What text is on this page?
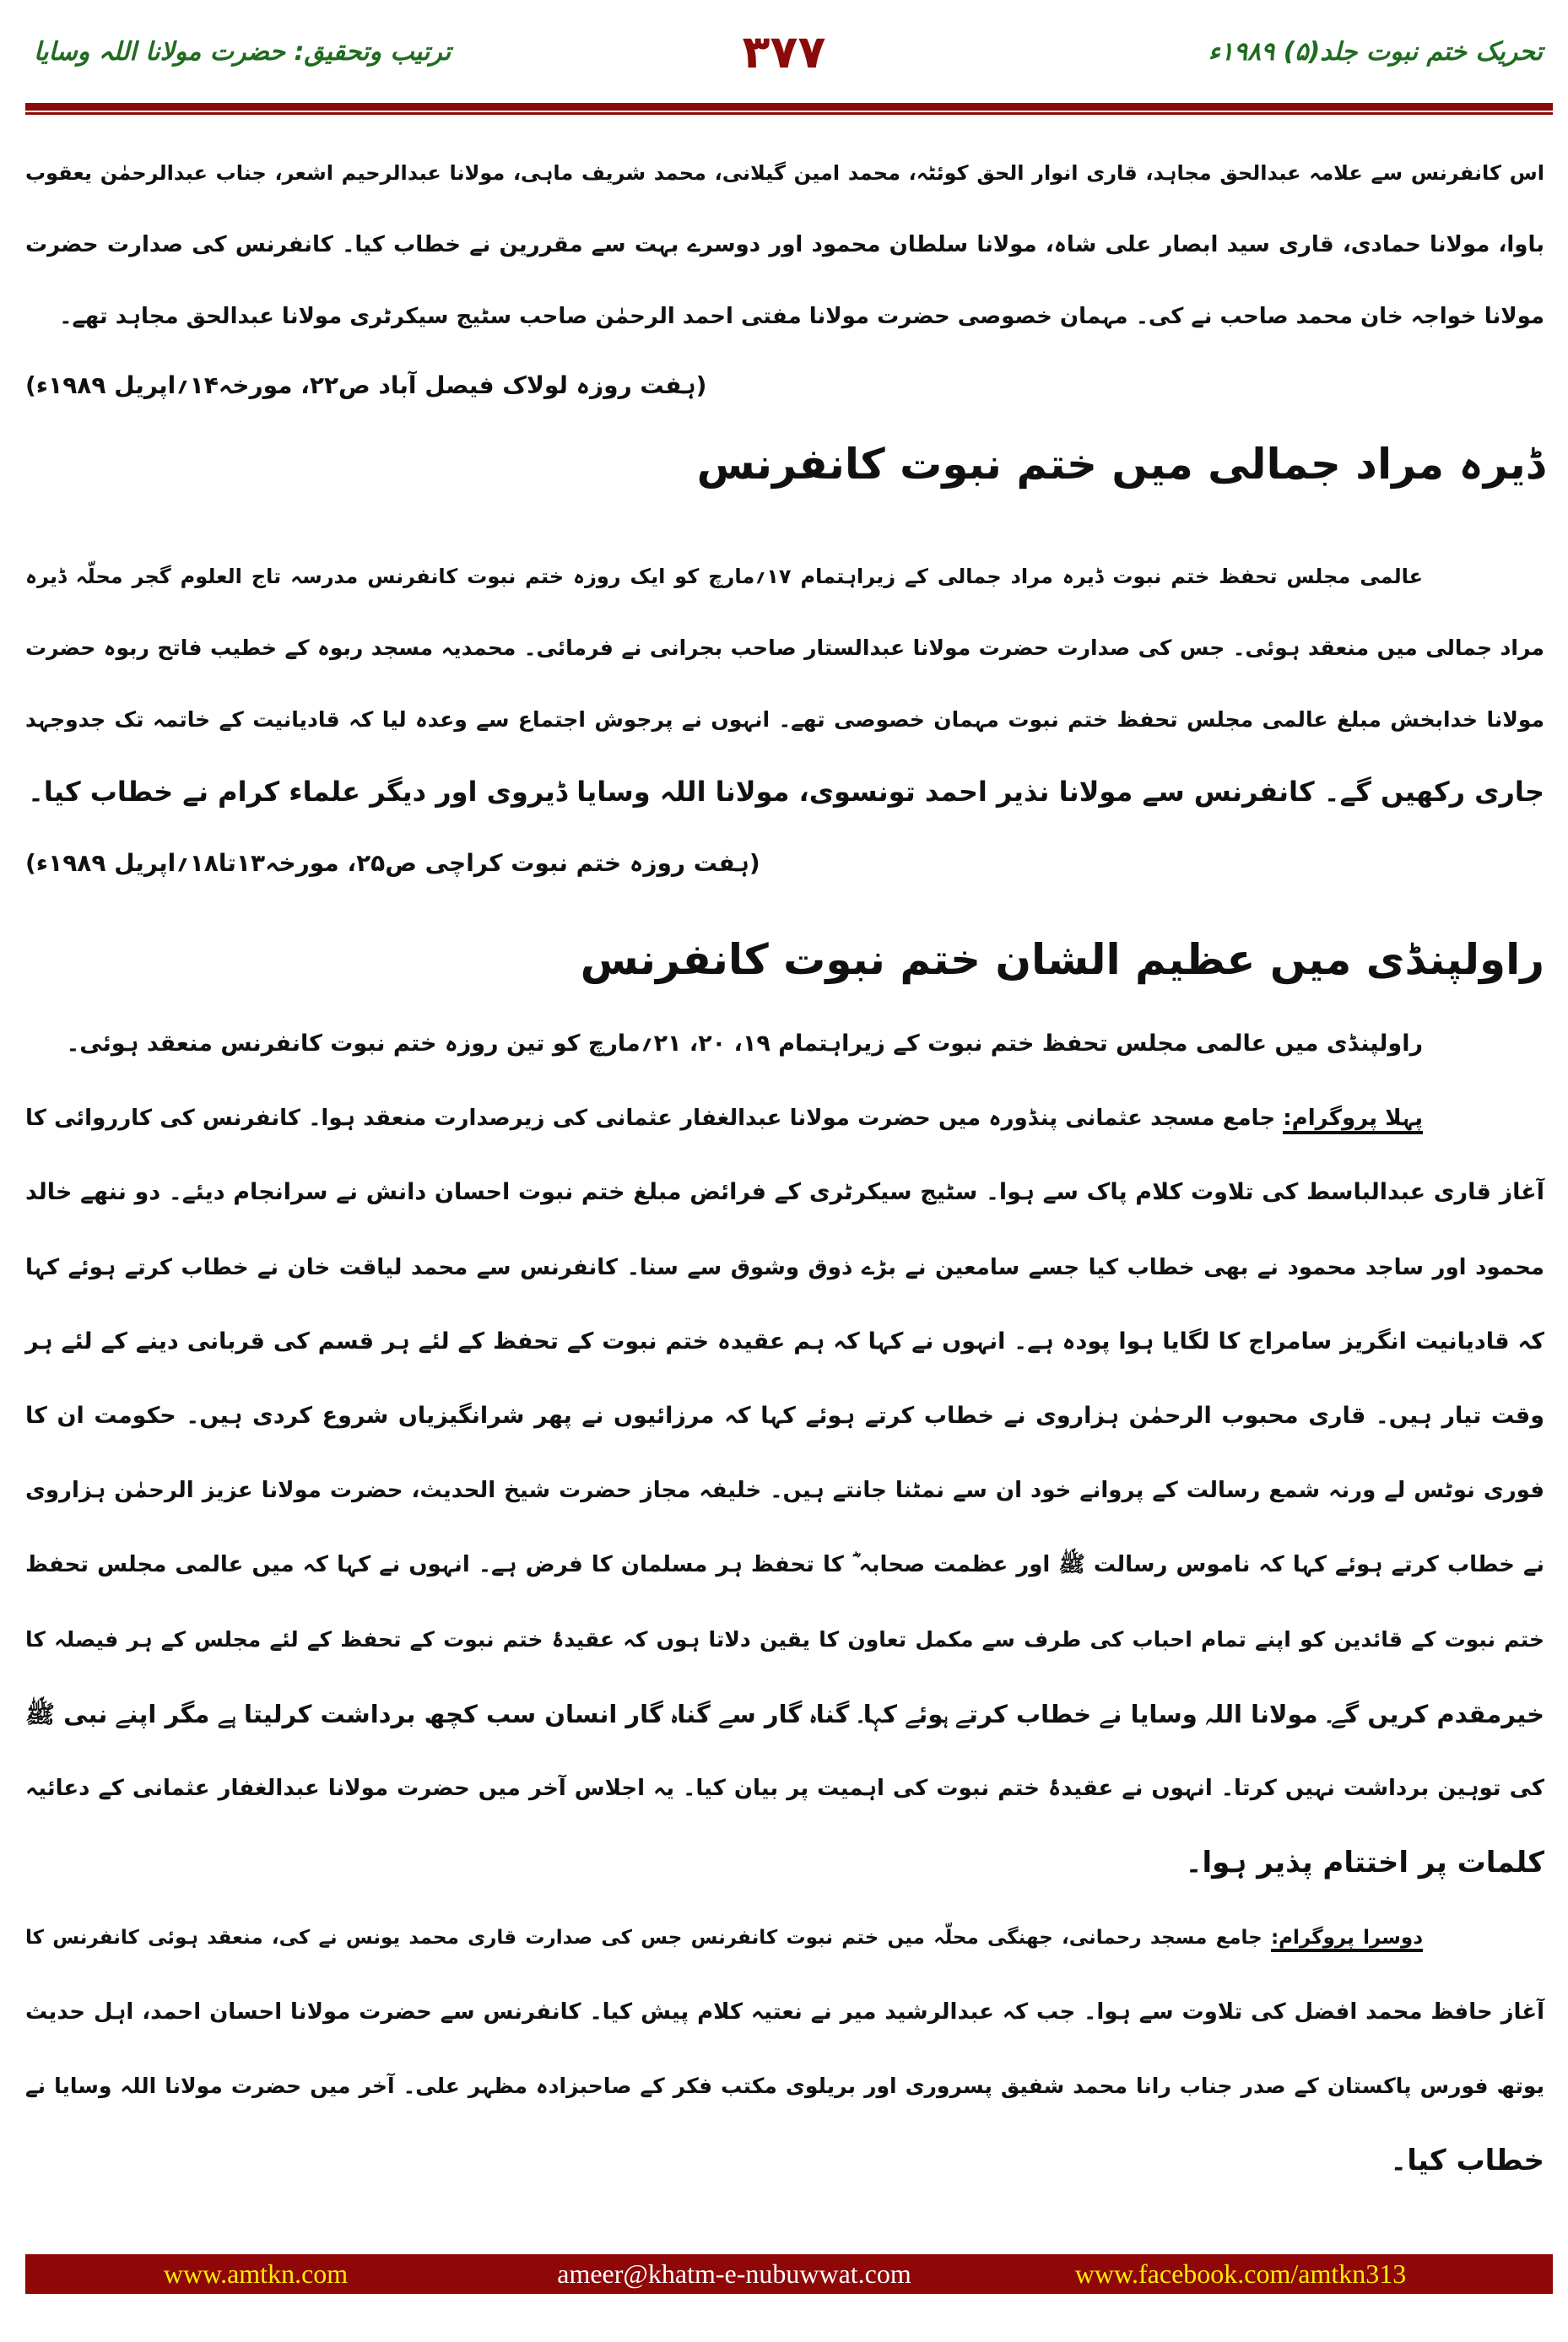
تحریک ختم نبوت جلد(۵) ۱۹۸۹ء
۳۷۷
ترتیب وتحقیق: حضرت مولانا اللہ وسایا
اس کانفرنس سے علامہ عبدالحق مجاہد، قاری انوار الحق کوئٹہ، محمد امین گیلانی، محمد شریف ماہی، مولانا عبدالرحیم اشعر، جناب عبدالرحمٰن یعقوب
باوا، مولانا حمادی، قاری سید ابصار علی شاہ، مولانا سلطان محمود اور دوسرے بہت سے مقررین نے خطاب کیا۔ کانفرنس کی صدارت حضرت
مولانا خواجہ خان محمد صاحب نے کی۔ مہمان خصوصی حضرت مولانا مفتی احمد الرحمٰن صاحب سٹیج سیکرٹری مولانا عبدالحق مجاہد تھے۔
(ہفت روزہ لولاک فیصل آباد ص۲۲، مورخہ۱۴؍اپریل ۱۹۸۹ء)
ڈیرہ مراد جمالی میں ختم نبوت کانفرنس
عالمی مجلس تحفظ ختم نبوت ڈیرہ مراد جمالی کے زیراہتمام ۱۷؍مارچ کو ایک روزہ ختم نبوت کانفرنس مدرسہ تاج العلوم گجر محلّہ ڈیرہ
مراد جمالی میں منعقد ہوئی۔ جس کی صدارت حضرت مولانا عبدالستار صاحب بجرانی نے فرمائی۔ محمدیہ مسجد ربوہ کے خطیب فاتح ربوہ حضرت
مولانا خدابخش مبلغ عالمی مجلس تحفظ ختم نبوت مہمان خصوصی تھے۔ انہوں نے پرجوش اجتماع سے وعدہ لیا کہ قادیانیت کے خاتمہ تک جدوجہد
جاری رکھیں گے۔ کانفرنس سے مولانا نذیر احمد تونسوی، مولانا اللہ وسایا ڈیروی اور دیگر علماء کرام نے خطاب کیا۔
(ہفت روزہ ختم نبوت کراچی ص۲۵، مورخہ۱۳تا۱۸؍اپریل ۱۹۸۹ء)
راولپنڈی میں عظیم الشان ختم نبوت کانفرنس
راولپنڈی میں عالمی مجلس تحفظ ختم نبوت کے زیراہتمام ۱۹، ۲۰، ۲۱؍مارچ کو تین روزہ ختم نبوت کانفرنس منعقد ہوئی۔
پہلا پروگرام: جامع مسجد عثمانی پنڈورہ میں حضرت مولانا عبدالغفار عثمانی کی زیرصدارت منعقد ہوا۔ کانفرنس کی کارروائی کا
آغاز قاری عبدالباسط کی تلاوت کلام پاک سے ہوا۔ سٹیج سیکرٹری کے فرائض مبلغ ختم نبوت احسان دانش نے سرانجام دیئے۔ دو ننھے خالد
محمود اور ساجد محمود نے بھی خطاب کیا جسے سامعین نے بڑے ذوق وشوق سے سنا۔ کانفرنس سے محمد لیاقت خان نے خطاب کرتے ہوئے کہا
کہ قادیانیت انگریز سامراج کا لگایا ہوا پودہ ہے۔ انہوں نے کہا کہ ہم عقیدہ ختم نبوت کے تحفظ کے لئے ہر قسم کی قربانی دینے کے لئے ہر
وقت تیار ہیں۔ قاری محبوب الرحمٰن ہزاروی نے خطاب کرتے ہوئے کہا کہ مرزائیوں نے پھر شرانگیزیاں شروع کردی ہیں۔ حکومت ان کا
فوری نوٹس لے ورنہ شمع رسالت کے پروانے خود ان سے نمٹنا جانتے ہیں۔ خلیفہ مجاز حضرت شیخ الحدیث، حضرت مولانا عزیز الرحمٰن ہزاروی
نے خطاب کرتے ہوئے کہا کہ ناموس رسالت ﷺ اور عظمت صحابہ ؓ کا تحفظ ہر مسلمان کا فرض ہے۔ انہوں نے کہا کہ میں عالمی مجلس تحفظ
ختم نبوت کے قائدین کو اپنے تمام احباب کی طرف سے مکمل تعاون کا یقین دلاتا ہوں کہ عقیدۂ ختم نبوت کے تحفظ کے لئے مجلس کے ہر فیصلہ کا
خیرمقدم کریں گے۔ مولانا اللہ وسایا نے خطاب کرتے ہوئے کہا۔ گناہ گار سے گناہ گار انسان سب کچھ برداشت کرلیتا ہے مگر اپنے نبی ﷺ
کی توہین برداشت نہیں کرتا۔ انہوں نے عقیدۂ ختم نبوت کی اہمیت پر بیان کیا۔ یہ اجلاس آخر میں حضرت مولانا عبدالغفار عثمانی کے دعائیہ
کلمات پر اختتام پذیر ہوا۔
دوسرا پروگرام: جامع مسجد رحمانی، جھنگی محلّہ میں ختم نبوت کانفرنس جس کی صدارت قاری محمد یونس نے کی، منعقد ہوئی کانفرنس کا
آغاز حافظ محمد افضل کی تلاوت سے ہوا۔ جب کہ عبدالرشید میر نے نعتیہ کلام پیش کیا۔ کانفرنس سے حضرت مولانا احسان احمد، اہل حدیث
یوتھ فورس پاکستان کے صدر جناب رانا محمد شفیق پسروری اور بریلوی مکتب فکر کے صاحبزادہ مظہر علی۔ آخر میں حضرت مولانا اللہ وسایا نے
خطاب کیا۔
www.amtkn.com	ameer@khatm-e-nubuwwat.com	www.facebook.com/amtkn313
